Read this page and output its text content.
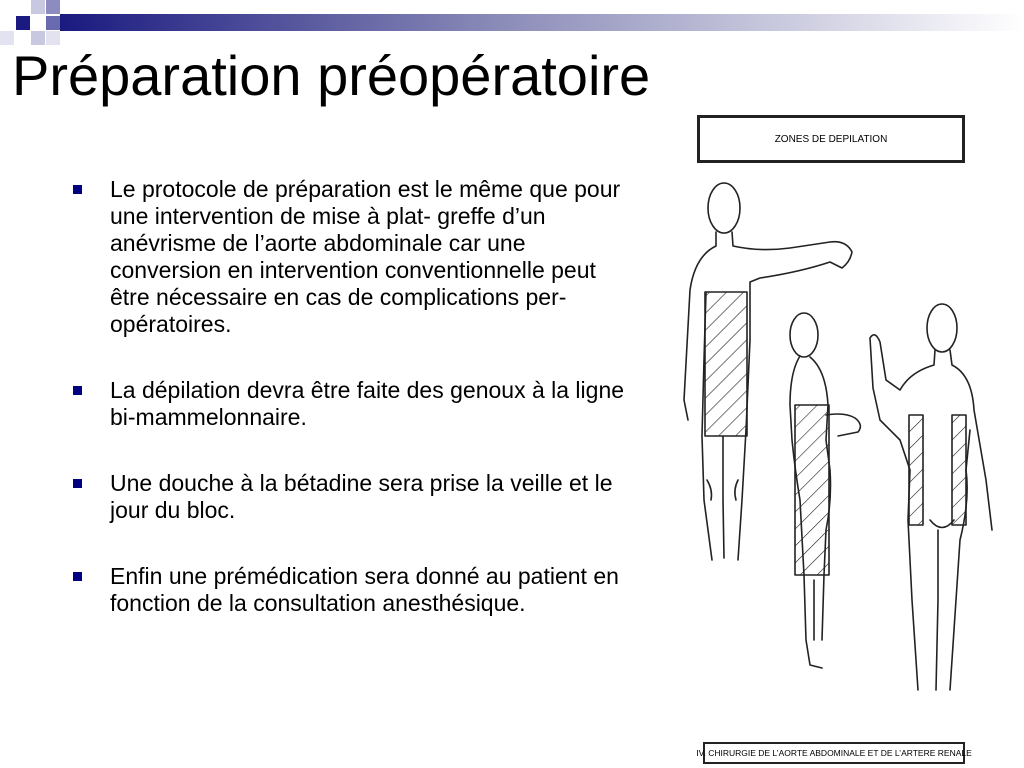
Préparation préopératoire
Le protocole de préparation est le même que pour une intervention de mise à plat- greffe d’un anévrisme de l’aorte abdominale car une conversion en intervention conventionnelle peut être nécessaire en cas de complications per-opératoires.
La dépilation devra être faite des genoux à la ligne bi-mammelonnaire.
Une douche à la bétadine sera prise la veille et le jour du bloc.
Enfin une prémédication sera donné au patient en fonction de la consultation anesthésique.
ZONES DE DEPILATION
IV. CHIRURGIE DE L’AORTE ABDOMINALE ET DE L’ARTERE RENALE
